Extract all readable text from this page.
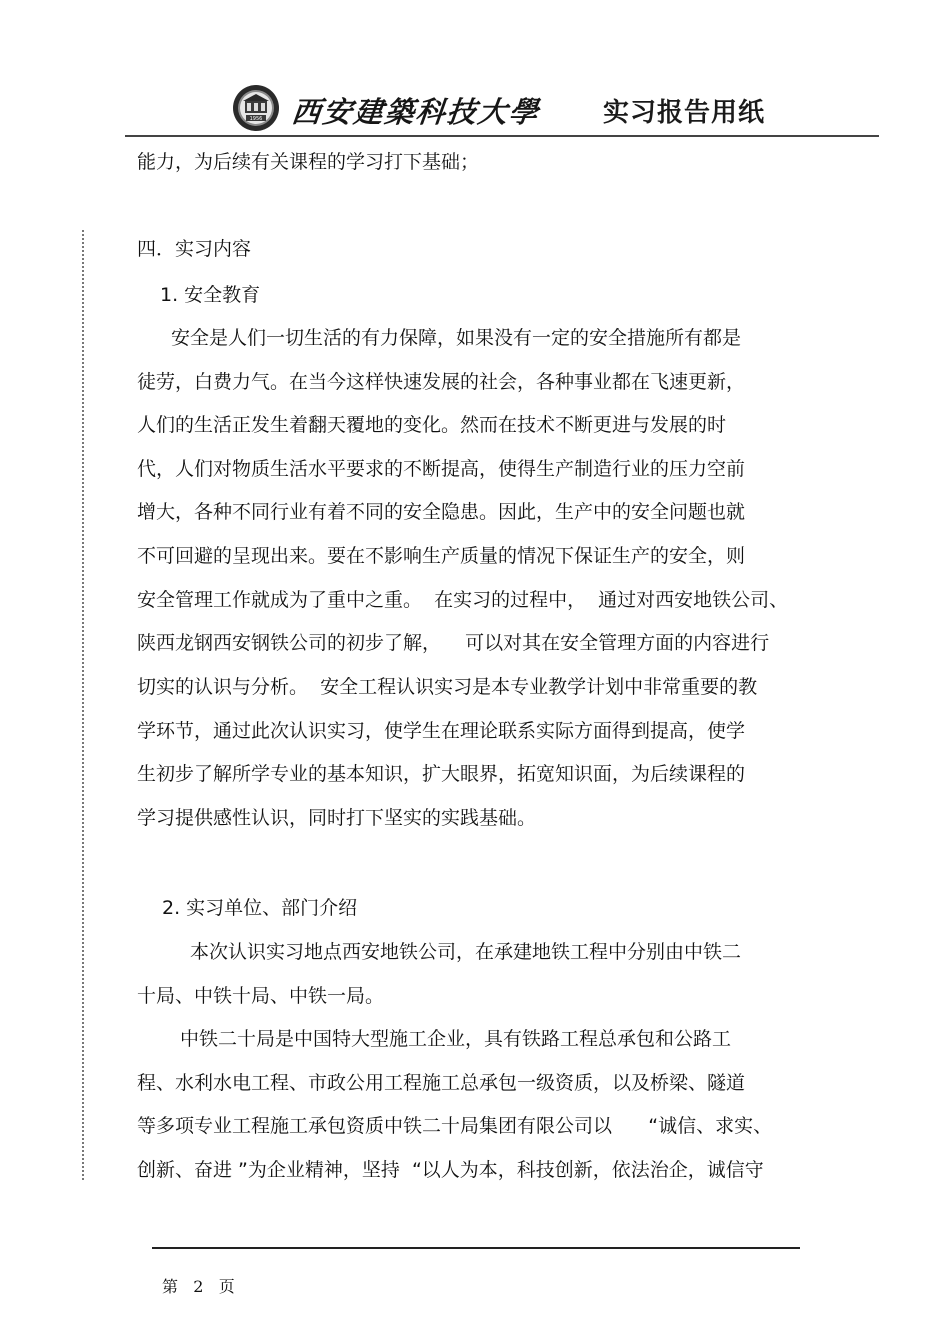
1956 西安建築科技大學 实习报告用纸
能力，为后续有关课程的学习打下基础；
四．实习内容
1. 安全教育
安全是人们一切生活的有力保障，如果没有一定的安全措施所有都是
徒劳，白费力气。在当今这样快速发展的社会，各种事业都在飞速更新，
人们的生活正发生着翻天覆地的变化。然而在技术不断更进与发展的时
代，人们对物质生活水平要求的不断提高，使得生产制造行业的压力空前
增大，各种不同行业有着不同的安全隐患。因此，生产中的安全问题也就
不可回避的呈现出来。要在不影响生产质量的情况下保证生产的安全，则
安全管理工作就成为了重中之重。  在实习的过程中，  通过对西安地铁公司、
陕西龙钢西安钢铁公司的初步了解，    可以对其在安全管理方面的内容进行
切实的认识与分析。  安全工程认识实习是本专业教学计划中非常重要的教
学环节，通过此次认识实习，使学生在理论联系实际方面得到提高，使学
生初步了解所学专业的基本知识，扩大眼界，拓宽知识面，为后续课程的
学习提供感性认识，同时打下坚实的实践基础。
2. 实习单位、部门介绍
本次认识实习地点西安地铁公司，在承建地铁工程中分别由中铁二
十局、中铁十局、中铁一局。
中铁二十局是中国特大型施工企业，具有铁路工程总承包和公路工
程、水利水电工程、市政公用工程施工总承包一级资质，以及桥梁、隧道
等多项专业工程施工承包资质中铁二十局集团有限公司以      “诚信、求实、
创新、奋进 ”为企业精神，坚持  “以人为本，科技创新，依法治企，诚信守
第   2   页
